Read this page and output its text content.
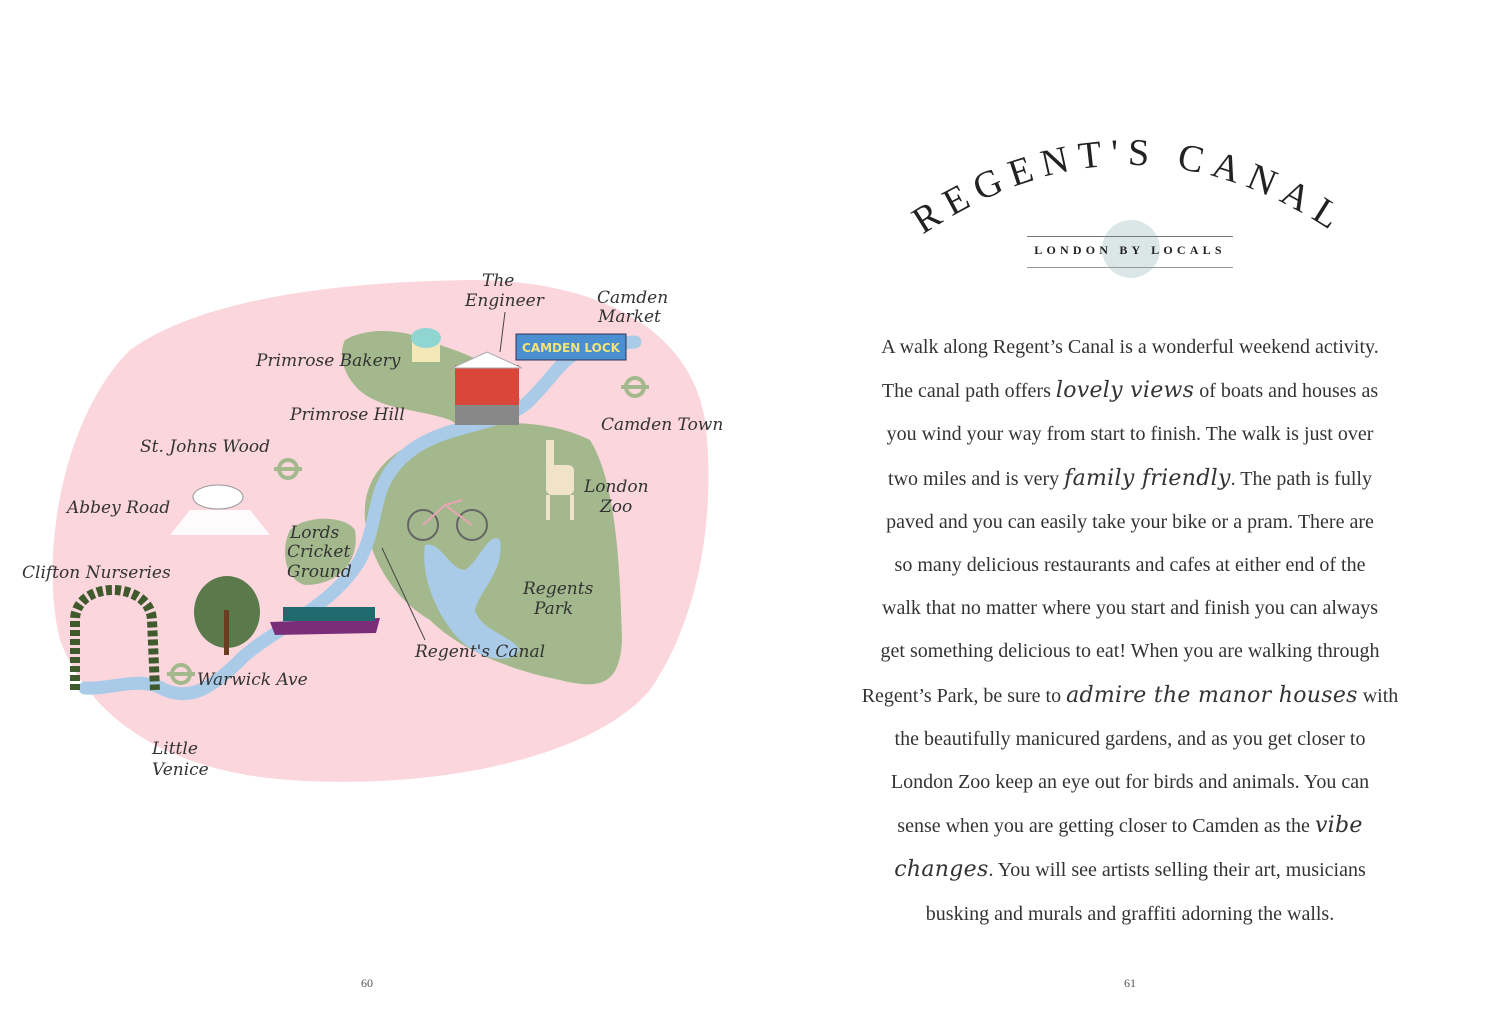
CAMDEN LOCK
The
Engineer	Camden
Market
Primrose Bakery
Primrose Hill	Camden Town
St. Johns Wood
London
Zoo
Abbey Road
Lords
Cricket
Ground
Clifton Nurseries
Regents
Park
Regent's Canal
Warwick Ave
Little
Venice
60
REGENT'S CANAL
LONDON BY LOCALS
A walk along Regent’s Canal is a wonderful weekend activity.
The canal path offers lovely views of boats and houses as
you wind your way from start to finish. The walk is just over
two miles and is very family friendly. The path is fully
paved and you can easily take your bike or a pram. There are
so many delicious restaurants and cafes at either end of the
walk that no matter where you start and finish you can always
get something delicious to eat! When you are walking through
Regent’s Park, be sure to admire the manor houses with
the beautifully manicured gardens, and as you get closer to
London Zoo keep an eye out for birds and animals. You can
sense when you are getting closer to Camden as the vibe
changes. You will see artists selling their art, musicians
busking and murals and graffiti adorning the walls.
61
